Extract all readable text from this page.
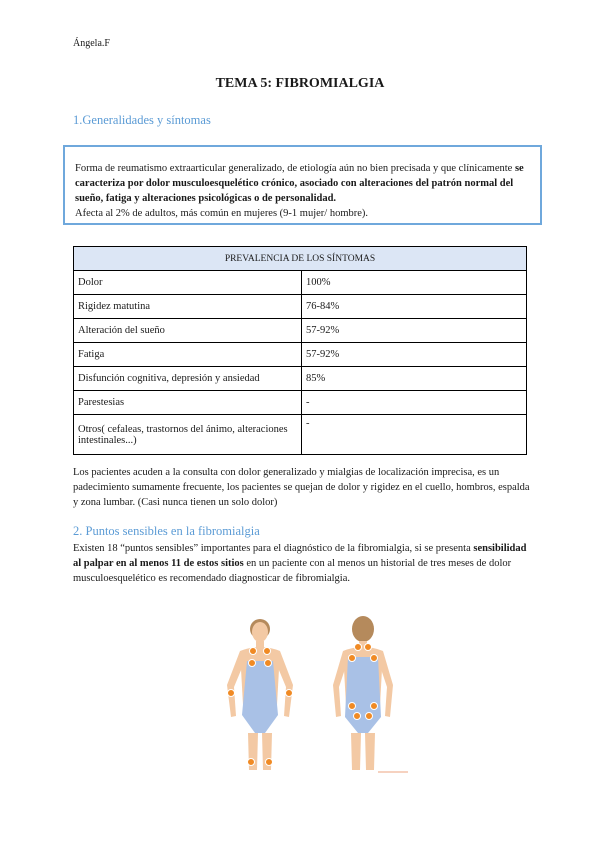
Ángela.F
TEMA 5: FIBROMIALGIA
1.Generalidades y síntomas

Forma de reumatismo extraarticular generalizado, de etiología aún no bien precisada y que clínicamente se caracteriza por dolor musculoesquelético crónico, asociado con alteraciones del patrón normal del sueño, fatiga y alteraciones psicológicas o de personalidad.

Afecta al 2% de adultos, más común en mujeres (9-1 mujer/ hombre).

PREVALENCIA DE LOS SÍNTOMAS	
Dolor	100%
Rigidez matutina	76-84%
Alteración del sueño	57-92%
Fatiga	57-92%
Disfunción cognitiva, depresión y ansiedad	85%
Parestesias	-
Otros( cefaleas, trastornos del ánimo, alteraciones intestinales...)	-

Los pacientes acuden a la consulta con dolor generalizado y mialgias de localización imprecisa, es un padecimiento sumamente frecuente, los pacientes se quejan de dolor y rigidez en el cuello, hombros, espalda y zona lumbar. (Casi nunca tienen un solo dolor)

2. Puntos sensibles en la fibromialgia

Existen 18 “puntos sensibles” importantes para el diagnóstico de la fibromialgia, si se presenta sensibilidad al palpar en al menos 11 de estos sitios en un paciente con al menos un historial de tres meses de dolor musculoesquelético es recomendado diagnosticar de fibromialgia.
